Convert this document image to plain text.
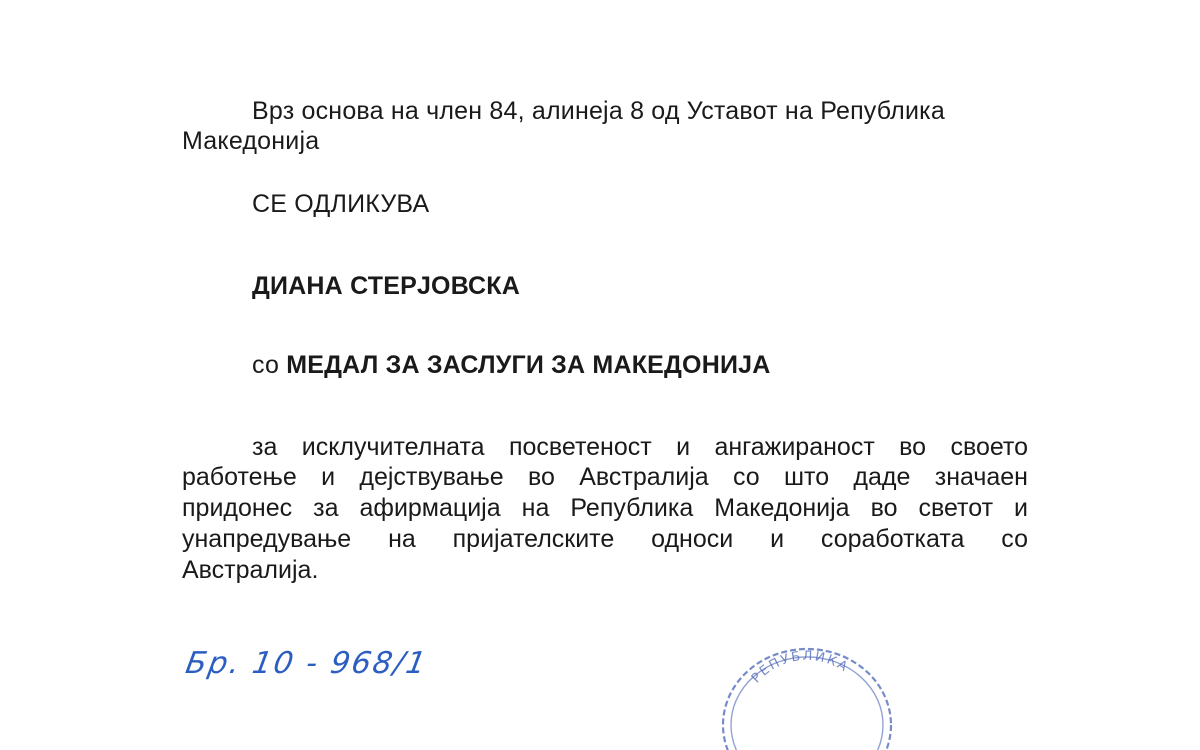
Врз основа на член 84, алинеја 8 од Уставот на Република
Македонија
СЕ ОДЛИКУВА
ДИАНА СТЕРЈОВСКА
со МЕДАЛ ЗА ЗАСЛУГИ ЗА МАКЕДОНИЈА
за исклучителната посветеност и ангажираност во своето
работење и дејствување во Австралија со што даде значаен
придонес за афирмација на Република Македонија во светот и
унапредување на пријателските односи и соработката со
Австралија.
Бр. 10 - 968/1	РЕПУБЛИКА
